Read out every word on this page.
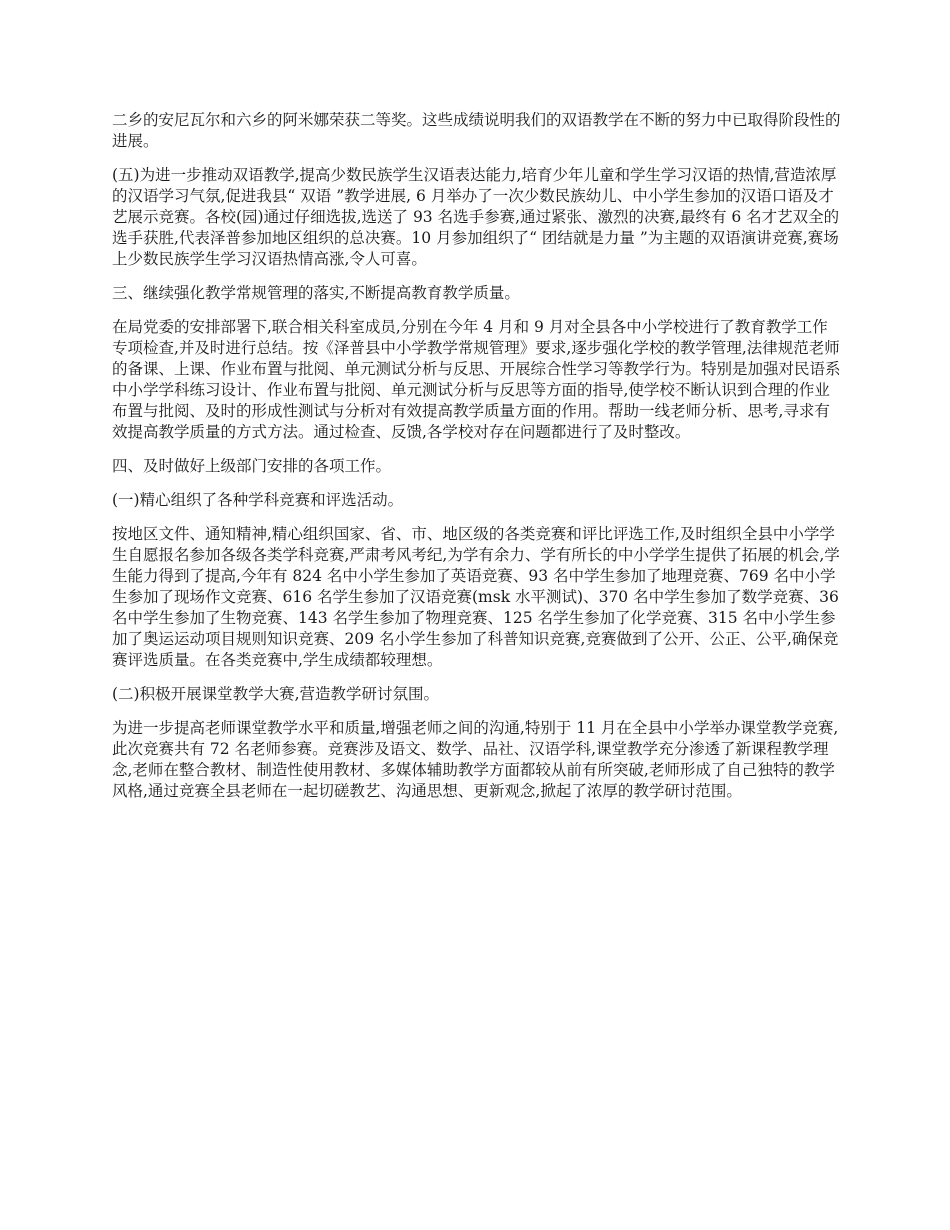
二乡的安尼瓦尔和六乡的阿米娜荣获二等奖。这些成绩说明我们的双语教学在不断的努力中已取得阶段性的进展。

(五)为进一步推动双语教学,提高少数民族学生汉语表达能力,培育少年儿童和学生学习汉语的热情,营造浓厚的汉语学习气氛,促进我县“ 双语 ”教学进展, 6 月举办了一次少数民族幼儿、中小学生参加的汉语口语及才艺展示竞赛。各校(园)通过仔细选拔,选送了 93 名选手参赛,通过紧张、激烈的决赛,最终有 6 名才艺双全的选手获胜,代表泽普参加地区组织的总决赛。10 月参加组织了“ 团结就是力量 ”为主题的双语演讲竞赛,赛场上少数民族学生学习汉语热情高涨,令人可喜。

三、继续强化教学常规管理的落实,不断提高教育教学质量。

在局党委的安排部署下,联合相关科室成员,分别在今年 4 月和 9 月对全县各中小学校进行了教育教学工作专项检查,并及时进行总结。按《泽普县中小学教学常规管理》要求,逐步强化学校的教学管理,法律规范老师的备课、上课、作业布置与批阅、单元测试分析与反思、开展综合性学习等教学行为。特别是加强对民语系中小学学科练习设计、作业布置与批阅、单元测试分析与反思等方面的指导,使学校不断认识到合理的作业布置与批阅、及时的形成性测试与分析对有效提高教学质量方面的作用。帮助一线老师分析、思考,寻求有效提高教学质量的方式方法。通过检查、反馈,各学校对存在问题都进行了及时整改。

四、及时做好上级部门安排的各项工作。

(一)精心组织了各种学科竞赛和评选活动。

按地区文件、通知精神,精心组织国家、省、市、地区级的各类竞赛和评比评选工作,及时组织全县中小学学生自愿报名参加各级各类学科竞赛,严肃考风考纪,为学有余力、学有所长的中小学学生提供了拓展的机会,学生能力得到了提高,今年有 824 名中小学生参加了英语竞赛、93 名中学生参加了地理竞赛、769 名中小学生参加了现场作文竞赛、616 名学生参加了汉语竞赛(msk 水平测试)、370 名中学生参加了数学竞赛、36 名中学生参加了生物竞赛、143 名学生参加了物理竞赛、125 名学生参加了化学竞赛、315 名中小学生参加了奥运运动项目规则知识竞赛、209 名小学生参加了科普知识竞赛,竞赛做到了公开、公正、公平,确保竞赛评选质量。在各类竞赛中,学生成绩都较理想。

(二)积极开展课堂教学大赛,营造教学研讨氛围。

为进一步提高老师课堂教学水平和质量,增强老师之间的沟通,特别于 11 月在全县中小学举办课堂教学竞赛,此次竞赛共有 72 名老师参赛。竞赛涉及语文、数学、品社、汉语学科,课堂教学充分渗透了新课程教学理念,老师在整合教材、制造性使用教材、多媒体辅助教学方面都较从前有所突破,老师形成了自己独特的教学风格,通过竞赛全县老师在一起切磋教艺、沟通思想、更新观念,掀起了浓厚的教学研讨范围。
